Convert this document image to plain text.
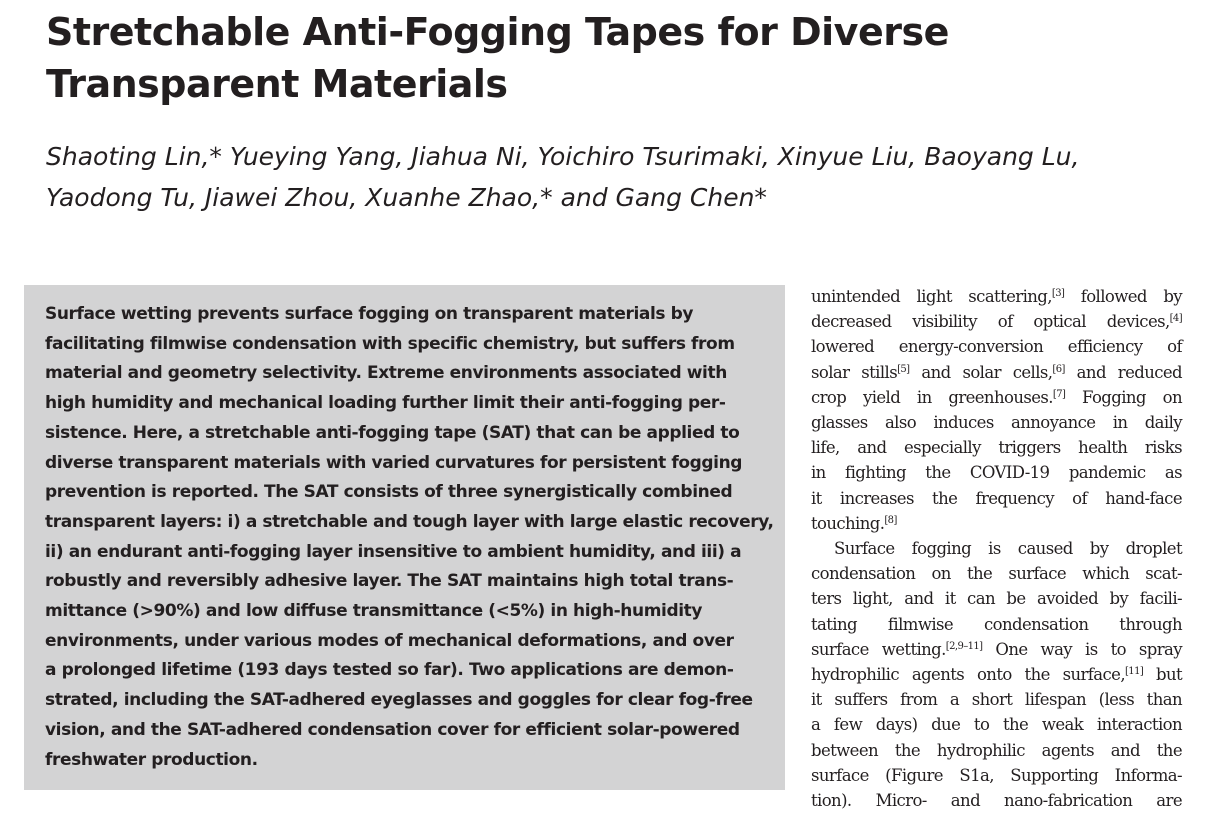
Stretchable Anti-Fogging Tapes for Diverse Transparent Materials
Shaoting Lin,* Yueying Yang, Jiahua Ni, Yoichiro Tsurimaki, Xinyue Liu, Baoyang Lu,
Yaodong Tu, Jiawei Zhou, Xuanhe Zhao,* and Gang Chen*

Surface wetting prevents surface fogging on transparent materials by
facilitating filmwise condensation with specific chemistry, but suffers from
material and geometry selectivity. Extreme environments associated with
high humidity and mechanical loading further limit their anti-fogging per-
sistence. Here, a stretchable anti-fogging tape (SAT) that can be applied to
diverse transparent materials with varied curvatures for persistent fogging
prevention is reported. The SAT consists of three synergistically combined
transparent layers: i) a stretchable and tough layer with large elastic recovery,
ii) an endurant anti-fogging layer insensitive to ambient humidity, and iii) a
robustly and reversibly adhesive layer. The SAT maintains high total trans-
mittance (>90%) and low diffuse transmittance (<5%) in high-humidity
environments, under various modes of mechanical deformations, and over
a prolonged lifetime (193 days tested so far). Two applications are demon-
strated, including the SAT-adhered eyeglasses and goggles for clear fog-free
vision, and the SAT-adhered condensation cover for efficient solar-powered
freshwater production.

unintended light scattering,[3] followed by
decreased visibility of optical devices,[4]
lowered energy-conversion efficiency of
solar stills[5] and solar cells,[6] and reduced
crop yield in greenhouses.[7] Fogging on
glasses also induces annoyance in daily
life, and especially triggers health risks
in fighting the COVID-19 pandemic as
it increases the frequency of hand-face
touching.[8]
Surface fogging is caused by droplet
condensation on the surface which scat-
ters light, and it can be avoided by facili-
tating filmwise condensation through
surface wetting.[2,9–11] One way is to spray
hydrophilic agents onto the surface,[11] but
it suffers from a short lifespan (less than
a few days) due to the weak interaction
between the hydrophilic agents and the
surface (Figure S1a, Supporting Informa-
tion). Micro- and nano-fabrication are
